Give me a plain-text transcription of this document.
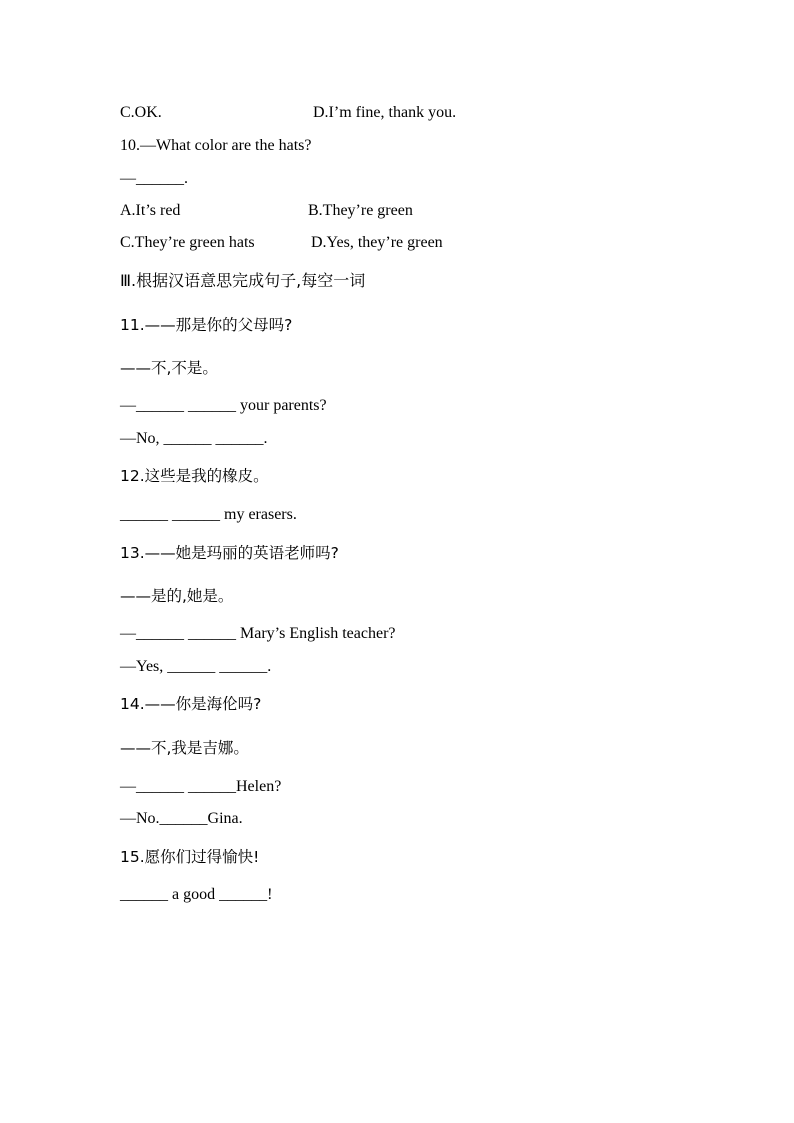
C.OK.	D.I’m fine, thank you.
10.—What color are the hats?
—______.
A.It’s red	B.They’re green
C.They’re green hats	D.Yes, they’re green
Ⅲ.根据汉语意思完成句子,每空一词
11.——那是你的父母吗?
——不,不是。
—______ ______ your parents?
—No, ______ ______.
12.这些是我的橡皮。
______ ______ my erasers.
13.——她是玛丽的英语老师吗?
——是的,她是。
—______ ______ Mary’s English teacher?
—Yes, ______ ______.
14.——你是海伦吗?
——不,我是吉娜。
—______ ______Helen?
—No.______Gina.
15.愿你们过得愉快!
______ a good ______!
